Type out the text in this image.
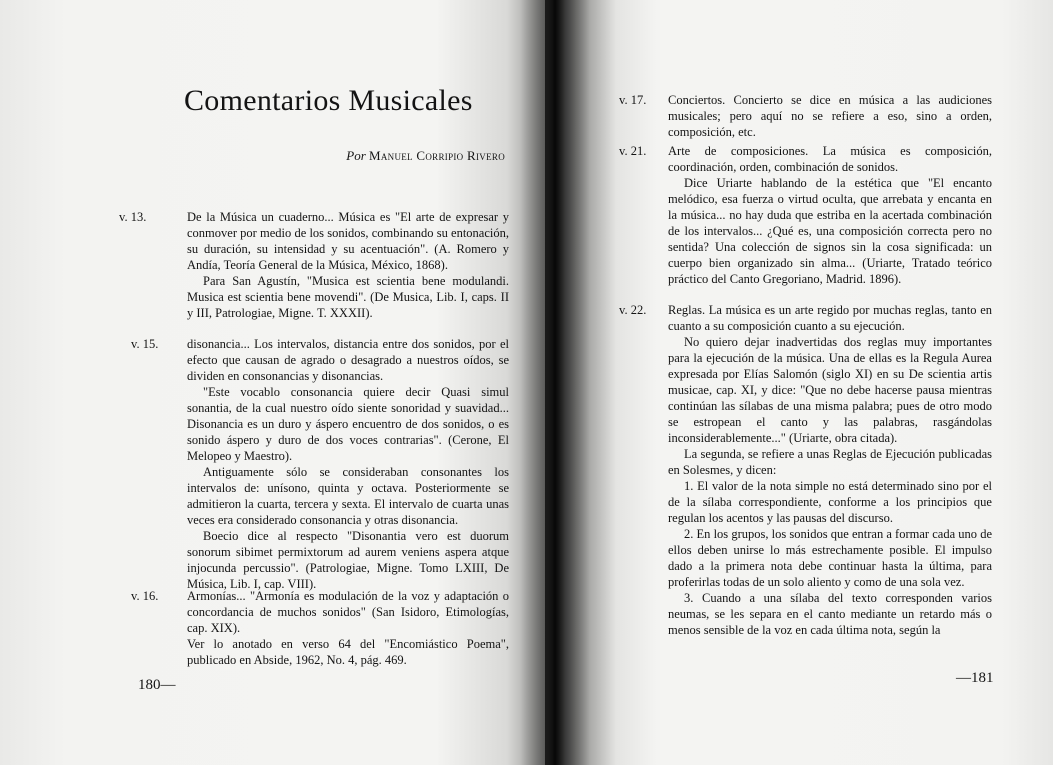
Comentarios Musicales
Por Manuel Corripio Rivero
v. 13.	De la Música un cuaderno... Música es "El arte de expresar y conmover por medio de los sonidos, combinando su entonación, su duración, su intensidad y su acentuación". (A. Romero y Andía, Teoría General de la Música, México, 1868).

Para San Agustín, "Musica est scientia bene modulandi. Musica est scientia bene movendi". (De Musica, Lib. I, caps. II y III, Patrologiae, Migne. T. XXXII).

v. 15. disonancia... Los intervalos, distancia entre dos sonidos, por el efecto que causan de agrado o desagrado a nuestros oídos, se dividen en consonancias y disonancias.

"Este vocablo consonancia quiere decir Quasi simul sonantia, de la cual nuestro oído siente sonoridad y suavidad... Disonancia es un duro y áspero encuentro de dos sonidos, o es sonido áspero y duro de dos voces contrarias". (Cerone, El Melopeo y Maestro).

Antiguamente sólo se consideraban consonantes los intervalos de: unísono, quinta y octava. Posteriormente se admitieron la cuarta, tercera y sexta. El intervalo de cuarta unas veces era considerado consonancia y otras disonancia.

Boecio dice al respecto "Disonantia vero est duorum sonorum sibimet permixtorum ad aurem veniens aspera atque injocunda percussio". (Patrologiae, Migne. Tomo LXIII, De Música, Lib. I, cap. VIII).

v. 16. Armonías... "Armonía es modulación de la voz y adaptación o concordancia de muchos sonidos" (San Isidoro, Etimologías, cap. XIX).

Ver lo anotado en verso 64 del "Encomiástico Poema", publicado en Abside, 1962, No. 4, pág. 469.

180—
v. 17.
v. 21.
v. 22.
—181

Conciertos. Concierto se dice en música a las audiciones musicales; pero aquí no se refiere a eso, sino a orden, composición, etc.

Arte de composiciones. La música es composición, coordinación, orden, combinación de sonidos.

Dice Uriarte hablando de la estética que "El encanto melódico, esa fuerza o virtud oculta, que arrebata y encanta en la música... no hay duda que estriba en la acertada combinación de los intervalos... ¿Qué es, una composición correcta pero no sentida? Una colección de signos sin la cosa significada: un cuerpo bien organizado sin alma... (Uriarte, Tratado teórico práctico del Canto Gregoriano, Madrid. 1896).

Reglas. La música es un arte regido por muchas reglas, tanto en cuanto a su composición cuanto a su ejecución.

No quiero dejar inadvertidas dos reglas muy importantes para la ejecución de la música. Una de ellas es la Regula Aurea expresada por Elías Salomón (siglo XI) en su De scientia artis musicae, cap. XI, y dice: "Que no debe hacerse pausa mientras continúan las sílabas de una misma palabra; pues de otro modo se estropean el canto y las palabras, rasgándolas inconsiderablemente..." (Uriarte, obra citada).

La segunda, se refiere a unas Reglas de Ejecución publicadas en Solesmes, y dicen:

1. El valor de la nota simple no está determinado sino por el de la sílaba correspondiente, conforme a los principios que regulan los acentos y las pausas del discurso.

2. En los grupos, los sonidos que entran a formar cada uno de ellos deben unirse lo más estrechamente posible. El impulso dado a la primera nota debe continuar hasta la última, para proferirlas todas de un solo aliento y como de una sola vez.

3. Cuando a una sílaba del texto corresponden varios neumas, se les separa en el canto mediante un retardo más o menos sensible de la voz en cada última nota, según la
